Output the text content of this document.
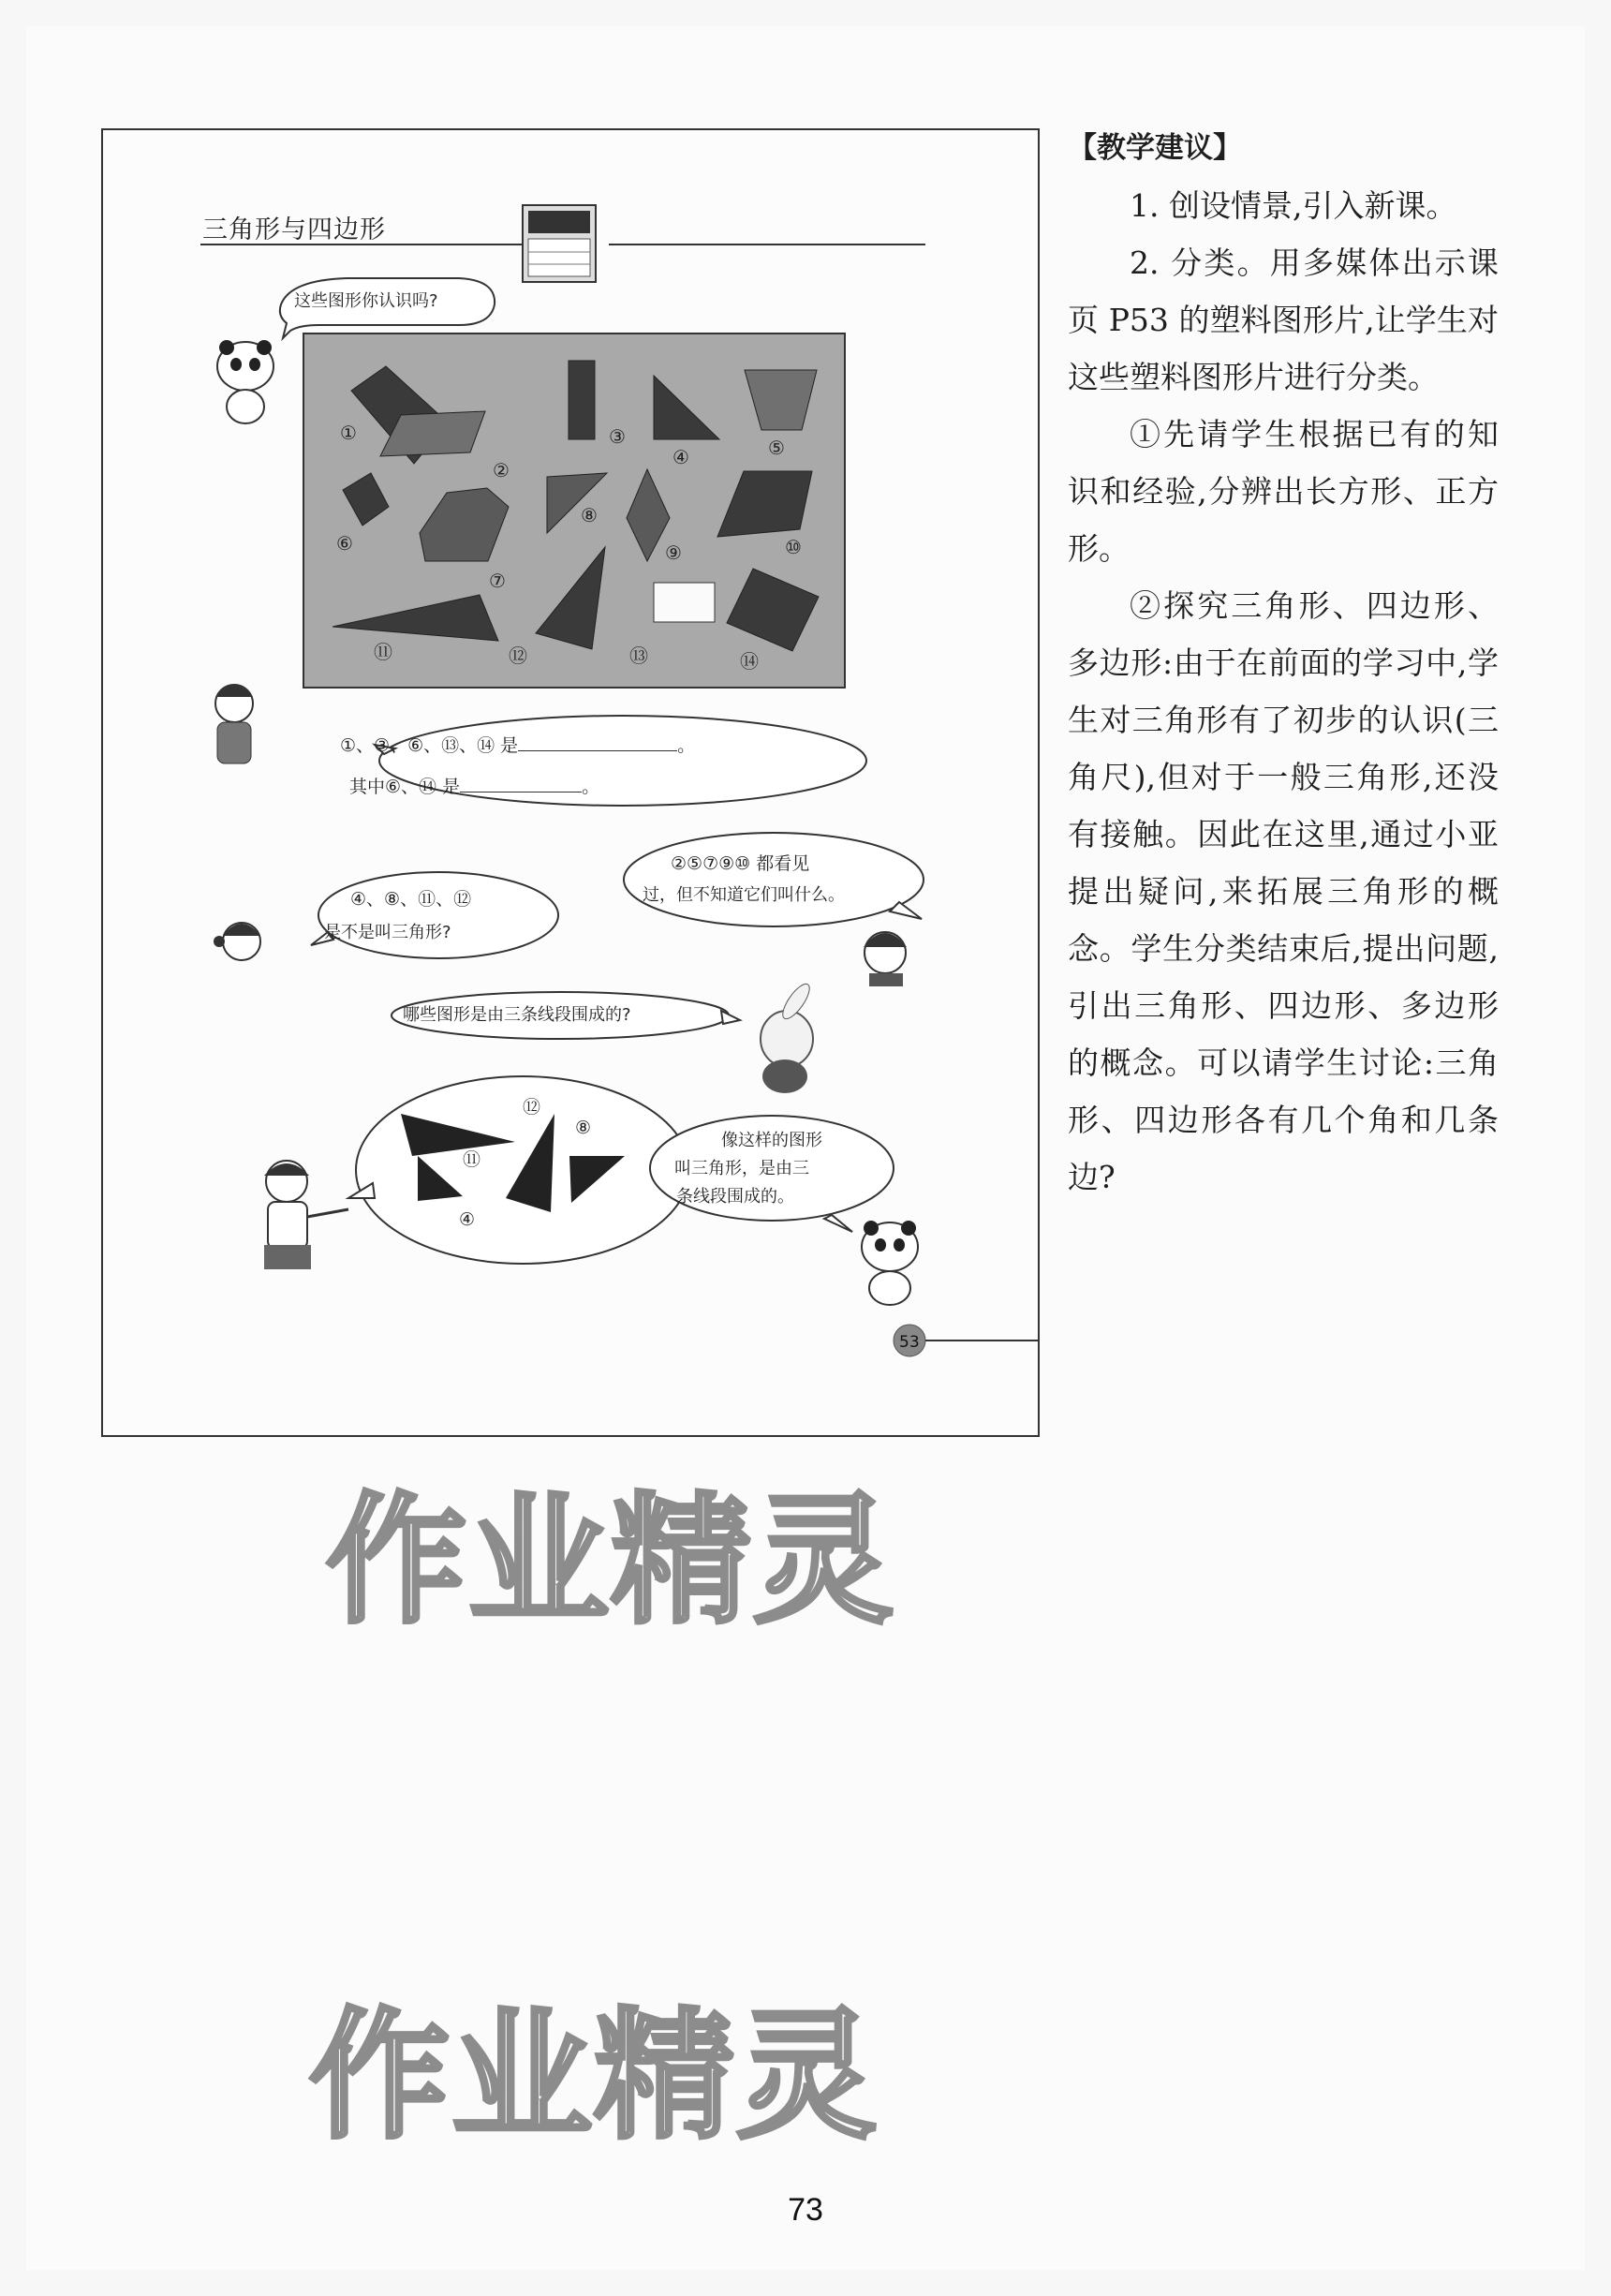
三角形与四边形
这些图形你认识吗?
①
②
③
④	⑤
⑥
⑦
⑧
⑨	⑩
⑪	⑫	⑬	⑭
①、③、⑥、⑬、⑭ 是	。
其中⑥、⑭ 是	。
④、⑧、⑪、⑫
是不是叫三角形?
②⑤⑦⑨⑩ 都看见
过，但不知道它们叫什么。
哪些图形是由三条线段围成的?
⑫
⑧
⑪
④
像这样的图形
叫三角形，是由三
条线段围成的。
53
【教学建议】

1. 创设情景,引入新课。

2. 分类。用多媒体出示课页 P53 的塑料图形片,让学生对这些塑料图形片进行分类。

①先请学生根据已有的知识和经验,分辨出长方形、正方形。

②探究三角形、四边形、多边形:由于在前面的学习中,学生对三角形有了初步的认识(三角尺),但对于一般三角形,还没有接触。因此在这里,通过小亚提出疑问,来拓展三角形的概念。学生分类结束后,提出问题,引出三角形、四边形、多边形的概念。可以请学生讨论:三角形、四边形各有几个角和几条边?

作业精灵
作业精灵
73
